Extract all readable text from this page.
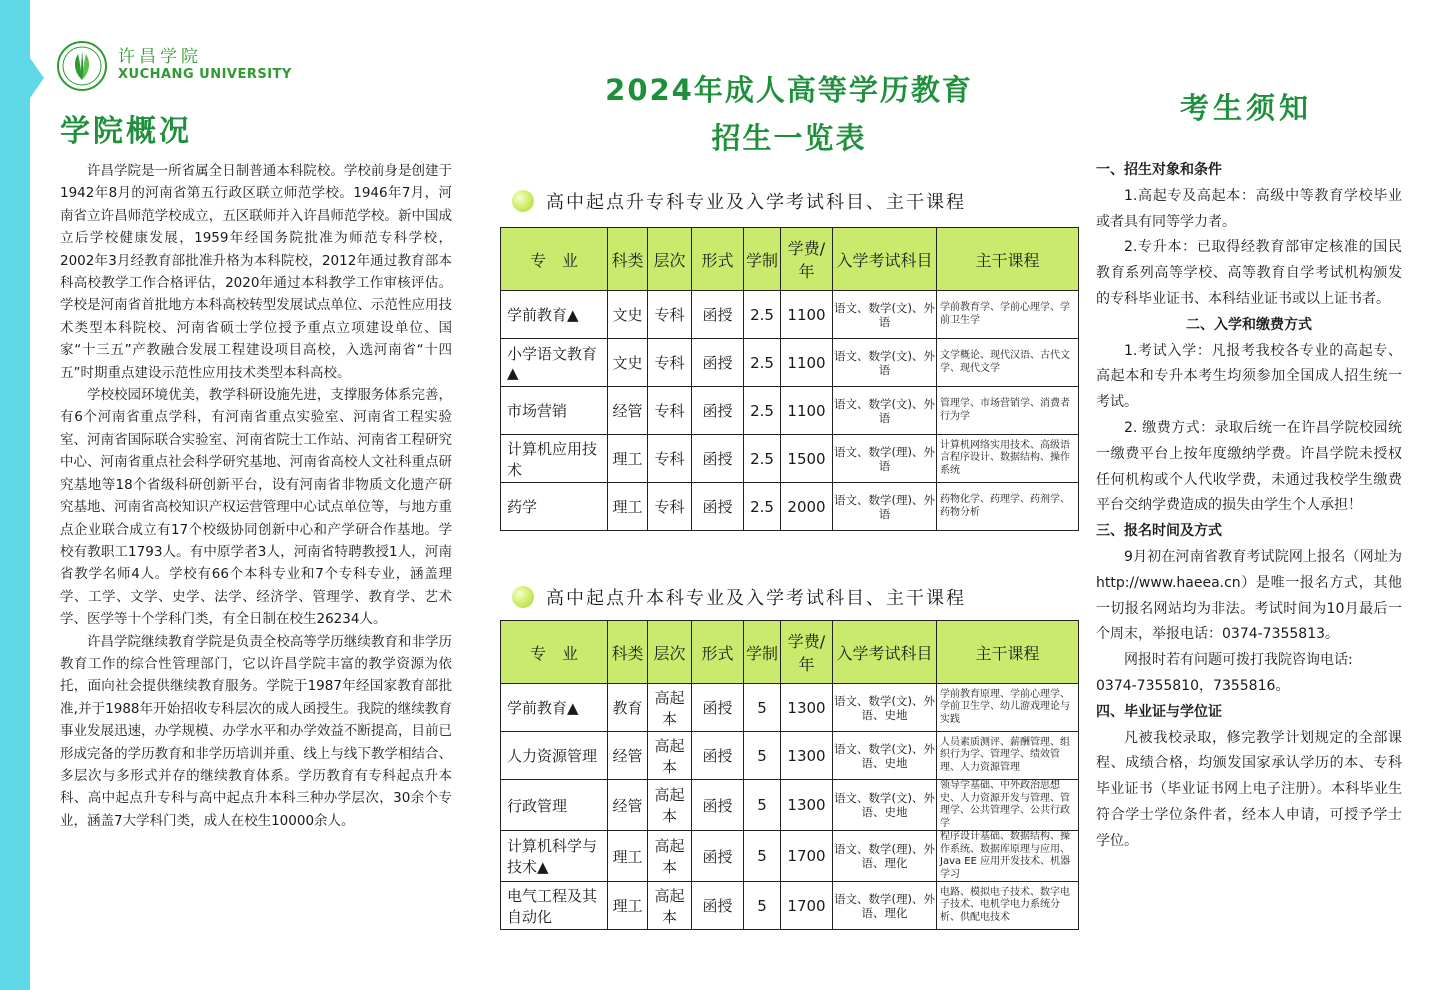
许昌学院
XUCHANG UNIVERSITY
学院概况

许昌学院是一所省属全日制普通本科院校。学校前身是创建于1942年8月的河南省第五行政区联立师范学校。1946年7月，河南省立许昌师范学校成立，五区联师并入许昌师范学校。新中国成立后学校健康发展，1959年经国务院批准为师范专科学校，2002年3月经教育部批准升格为本科院校，2012年通过教育部本科高校教学工作合格评估，2020年通过本科教学工作审核评估。学校是河南省首批地方本科高校转型发展试点单位、示范性应用技术类型本科院校、河南省硕士学位授予重点立项建设单位、国家“十三五”产教融合发展工程建设项目高校，入选河南省“十四五”时期重点建设示范性应用技术类型本科高校。

学校校园环境优美，教学科研设施先进，支撑服务体系完善，有6个河南省重点学科，有河南省重点实验室、河南省工程实验室、河南省国际联合实验室、河南省院士工作站、河南省工程研究中心、河南省重点社会科学研究基地、河南省高校人文社科重点研究基地等18个省级科研创新平台，设有河南省非物质文化遗产研究基地、河南省高校知识产权运营管理中心试点单位等，与地方重点企业联合成立有17个校级协同创新中心和产学研合作基地。学校有教职工1793人。有中原学者3人，河南省特聘教授1人，河南省教学名师4人。学校有66个本科专业和7个专科专业，涵盖理学、工学、文学、史学、法学、经济学、管理学、教育学、艺术学、医学等十个学科门类，有全日制在校生26234人。

许昌学院继续教育学院是负责全校高等学历继续教育和非学历教育工作的综合性管理部门，它以许昌学院丰富的教学资源为依托，面向社会提供继续教育服务。学院于1987年经国家教育部批准,并于1988年开始招收专科层次的成人函授生。我院的继续教育事业发展迅速，办学规模、办学水平和办学效益不断提高，目前已形成完备的学历教育和非学历培训并重、线上与线下教学相结合、多层次与多形式并存的继续教育体系。学历教育有专科起点升本科、高中起点升专科与高中起点升本科三种办学层次，30余个专业，涵盖7大学科门类，成人在校生10000余人。

2024年成人高等学历教育
招生一览表
高中起点升专科专业及入学考试科目、主干课程
专　业	科类	层次	形式	学制	学费/年	入学考试科目	主干课程
学前教育▲	文史	专科	函授	2.5	1100	语文、数学(文)、外语	学前教育学、学前心理学、学前卫生学
小学语文教育▲	文史	专科	函授	2.5	1100	语文、数学(文)、外语	文学概论、现代汉语、古代文学、现代文学
市场营销	经管	专科	函授	2.5	1100	语文、数学(文)、外语	管理学、市场营销学、消费者行为学
计算机应用技术	理工	专科	函授	2.5	1500	语文、数学(理)、外语	计算机网络实用技术、高级语言程序设计、数据结构、操作系统
药学	理工	专科	函授	2.5	2000	语文、数学(理)、外语	药物化学、药理学、药剂学、药物分析
高中起点升本科专业及入学考试科目、主干课程
专　业	科类	层次	形式	学制	学费/年	入学考试科目	主干课程
学前教育▲	教育	高起本	函授	5	1300	语文、数学(文)、外语、史地	学前教育原理、学前心理学、学前卫生学、幼儿游戏理论与实践
人力资源管理	经管	高起本	函授	5	1300	语文、数学(文)、外语、史地	人员素质测评、薪酬管理、组织行为学、管理学、绩效管理、人力资源管理
行政管理	经管	高起本	函授	5	1300	语文、数学(文)、外语、史地	领导学基础、中外政治思想史、人力资源开发与管理、管理学、公共管理学、公共行政学
计算机科学与技术▲	理工	高起本	函授	5	1700	语文、数学(理)、外语、理化	程序设计基础、数据结构、操作系统、数据库原理与应用、Java EE 应用开发技术、机器学习
电气工程及其自动化	理工	高起本	函授	5	1700	语文、数学(理)、外语、理化	电路、模拟电子技术、数字电子技术、电机学电力系统分析、供配电技术
考生须知

一、招生对象和条件

1.高起专及高起本：高级中等教育学校毕业或者具有同等学力者。

2.专升本：已取得经教育部审定核准的国民教育系列高等学校、高等教育自学考试机构颁发的专科毕业证书、本科结业证书或以上证书者。

二、入学和缴费方式

1.考试入学：凡报考我校各专业的高起专、高起本和专升本考生均须参加全国成人招生统一考试。

2. 缴费方式：录取后统一在许昌学院校园统一缴费平台上按年度缴纳学费。许昌学院未授权任何机构或个人代收学费，未通过我校学生缴费平台交纳学费造成的损失由学生个人承担！

三、报名时间及方式

9月初在河南省教育考试院网上报名（网址为http://www.haeea.cn）是唯一报名方式，其他一切报名网站均为非法。考试时间为10月最后一个周末，举报电话：0374-7355813。

网报时若有问题可拨打我院咨询电话:

0374-7355810，7355816。

四、毕业证与学位证

凡被我校录取，修完教学计划规定的全部课程、成绩合格，均颁发国家承认学历的本、专科毕业证书（毕业证书网上电子注册）。本科毕业生符合学士学位条件者，经本人申请，可授予学士学位。
